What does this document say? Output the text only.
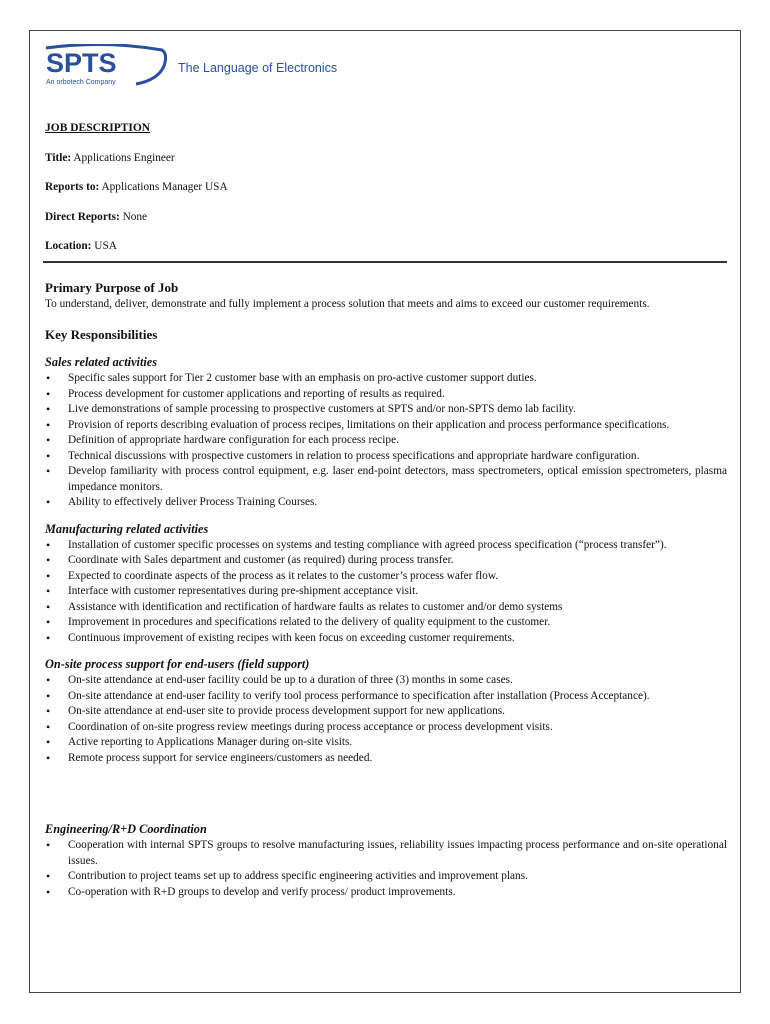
SPTS
An orbotech Company
The Language of Electronics
JOB DESCRIPTION
Title: Applications Engineer
Reports to: Applications Manager USA
Direct Reports: None
Location: USA
Primary Purpose of Job

To understand, deliver, demonstrate and fully implement a process solution that meets and aims to exceed our customer requirements.

Key Responsibilities
Sales related activities
• Specific sales support for Tier 2 customer base with an emphasis on pro-active customer support duties.
• Process development for customer applications and reporting of results as required.
• Live demonstrations of sample processing to prospective customers at SPTS and/or non-SPTS demo lab facility.
• Provision of reports describing evaluation of process recipes, limitations on their application and process performance specifications.
• Definition of appropriate hardware configuration for each process recipe.
• Technical discussions with prospective customers in relation to process specifications and appropriate hardware configuration.
• Develop familiarity with process control equipment, e.g. laser end-point detectors, mass spectrometers, optical emission spectrometers, plasma impedance monitors.
• Ability to effectively deliver Process Training Courses.
Manufacturing related activities
• Installation of customer specific processes on systems and testing compliance with agreed process specification (“process transfer”).
• Coordinate with Sales department and customer (as required) during process transfer.
• Expected to coordinate aspects of the process as it relates to the customer’s process wafer flow.
• Interface with customer representatives during pre-shipment acceptance visit.
• Assistance with identification and rectification of hardware faults as relates to customer and/or demo systems
• Improvement in procedures and specifications related to the delivery of quality equipment to the customer.
• Continuous improvement of existing recipes with keen focus on exceeding customer requirements.
On-site process support for end-users (field support)
• On-site attendance at end-user facility could be up to a duration of three (3) months in some cases.
• On-site attendance at end-user facility to verify tool process performance to specification after installation (Process Acceptance).
• On-site attendance at end-user site to provide process development support for new applications.
• Coordination of on-site progress review meetings during process acceptance or process development visits.
• Active reporting to Applications Manager during on-site visits.
• Remote process support for service engineers/customers as needed.
Engineering/R+D Coordination
• Cooperation with internal SPTS groups to resolve manufacturing issues, reliability issues impacting process performance and on-site operational issues.
• Contribution to project teams set up to address specific engineering activities and improvement plans.
• Co-operation with R+D groups to develop and verify process/ product improvements.
